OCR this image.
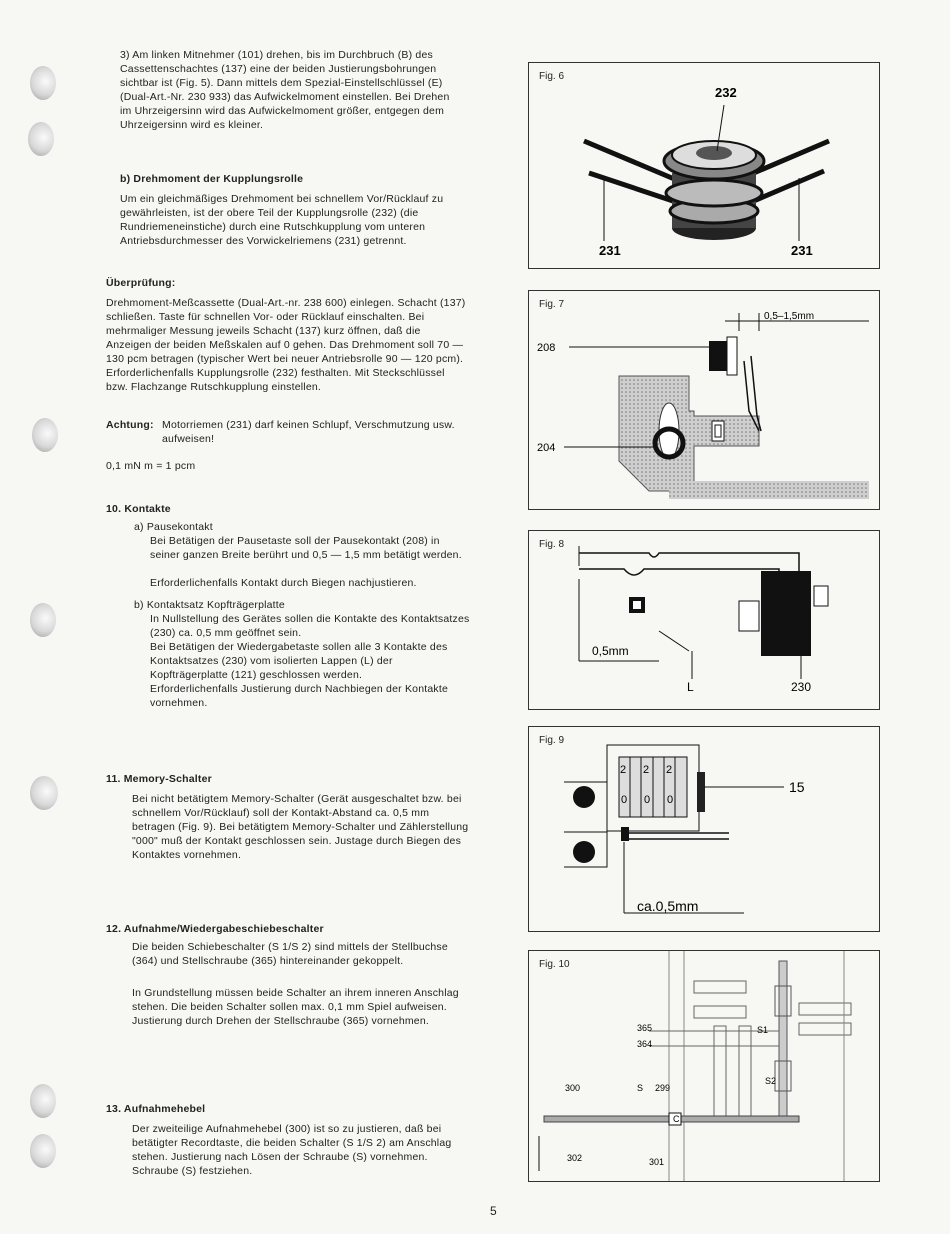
3) Am linken Mitnehmer (101) drehen, bis im Durchbruch (B) des Cassettenschachtes (137) eine der beiden Justierungsbohrungen sichtbar ist (Fig. 5). Dann mittels dem Spezial-Einstellschlüssel (E) (Dual-Art.-Nr. 230 933) das Aufwickelmoment einstellen. Bei Drehen im Uhrzeigersinn wird das Aufwickelmoment größer, entgegen dem Uhrzeigersinn wird es kleiner.
b) Drehmoment der Kupplungsrolle
Um ein gleichmäßiges Drehmoment bei schnellem Vor/Rücklauf zu gewährleisten, ist der obere Teil der Kupplungsrolle (232) (die Rundriemeneinstiche) durch eine Rutschkupplung vom unteren Antriebsdurchmesser des Vorwickelriemens (231) getrennt.
Überprüfung:
Drehmoment-Meßcassette (Dual-Art.-nr. 238 600) einlegen. Schacht (137) schließen. Taste für schnellen Vor- oder Rücklauf einschalten. Bei mehrmaliger Messung jeweils Schacht (137) kurz öffnen, daß die Anzeigen der beiden Meßskalen auf 0 gehen. Das Drehmoment soll 70 — 130 pcm betragen (typischer Wert bei neuer Antriebsrolle 90 — 120 pcm). Erforderlichenfalls Kupplungsrolle (232) festhalten. Mit Steckschlüssel bzw. Flachzange Rutschkupplung einstellen.
Achtung: Motorriemen (231) darf keinen Schlupf, Verschmutzung usw. aufweisen!
0,1 mN m = 1 pcm
10. Kontakte
a) Pausekontakt
Bei Betätigen der Pausetaste soll der Pausekontakt (208) in seiner ganzen Breite berührt und 0,5 — 1,5 mm betätigt werden.
Erforderlichenfalls Kontakt durch Biegen nachjustieren.
b) Kontaktsatz Kopfträgerplatte
In Nullstellung des Gerätes sollen die Kontakte des Kontaktsatzes (230) ca. 0,5 mm geöffnet sein.
Bei Betätigen der Wiedergabetaste sollen alle 3 Kontakte des Kontaktsatzes (230) vom isolierten Lappen (L) der Kopfträgerplatte (121) geschlossen werden.
Erforderlichenfalls Justierung durch Nachbiegen der Kontakte vornehmen.
11. Memory-Schalter
Bei nicht betätigtem Memory-Schalter (Gerät ausgeschaltet bzw. bei schnellem Vor/Rücklauf) soll der Kontakt-Abstand ca. 0,5 mm betragen (Fig. 9). Bei betätigtem Memory-Schalter und Zählerstellung "000" muß der Kontakt geschlossen sein. Justage durch Biegen des Kontaktes vornehmen.
12. Aufnahme/Wiedergabeschiebeschalter
Die beiden Schiebeschalter (S 1/S 2) sind mittels der Stellbuchse (364) und Stellschraube (365) hintereinander gekoppelt.
In Grundstellung müssen beide Schalter an ihrem inneren Anschlag stehen. Die beiden Schalter sollen max. 0,1 mm Spiel aufweisen. Justierung durch Drehen der Stellschraube (365) vornehmen.
13. Aufnahmehebel
Der zweiteilige Aufnahmehebel (300) ist so zu justieren, daß bei betätigter Recordtaste, die beiden Schalter (S 1/S 2) am Anschlag stehen. Justierung nach Lösen der Schraube (S) vornehmen. Schraube (S) festziehen.
5
Fig. 6
232
231	231
Fig. 7
0,5–1,5mm
208
204
Fig. 8
0,5mm
L	230
Fig. 9
2 2 2
0 0 0
15
ca.0,5mm
Fig. 10
S1
365
364
S2
300	S 299
C
302	301
